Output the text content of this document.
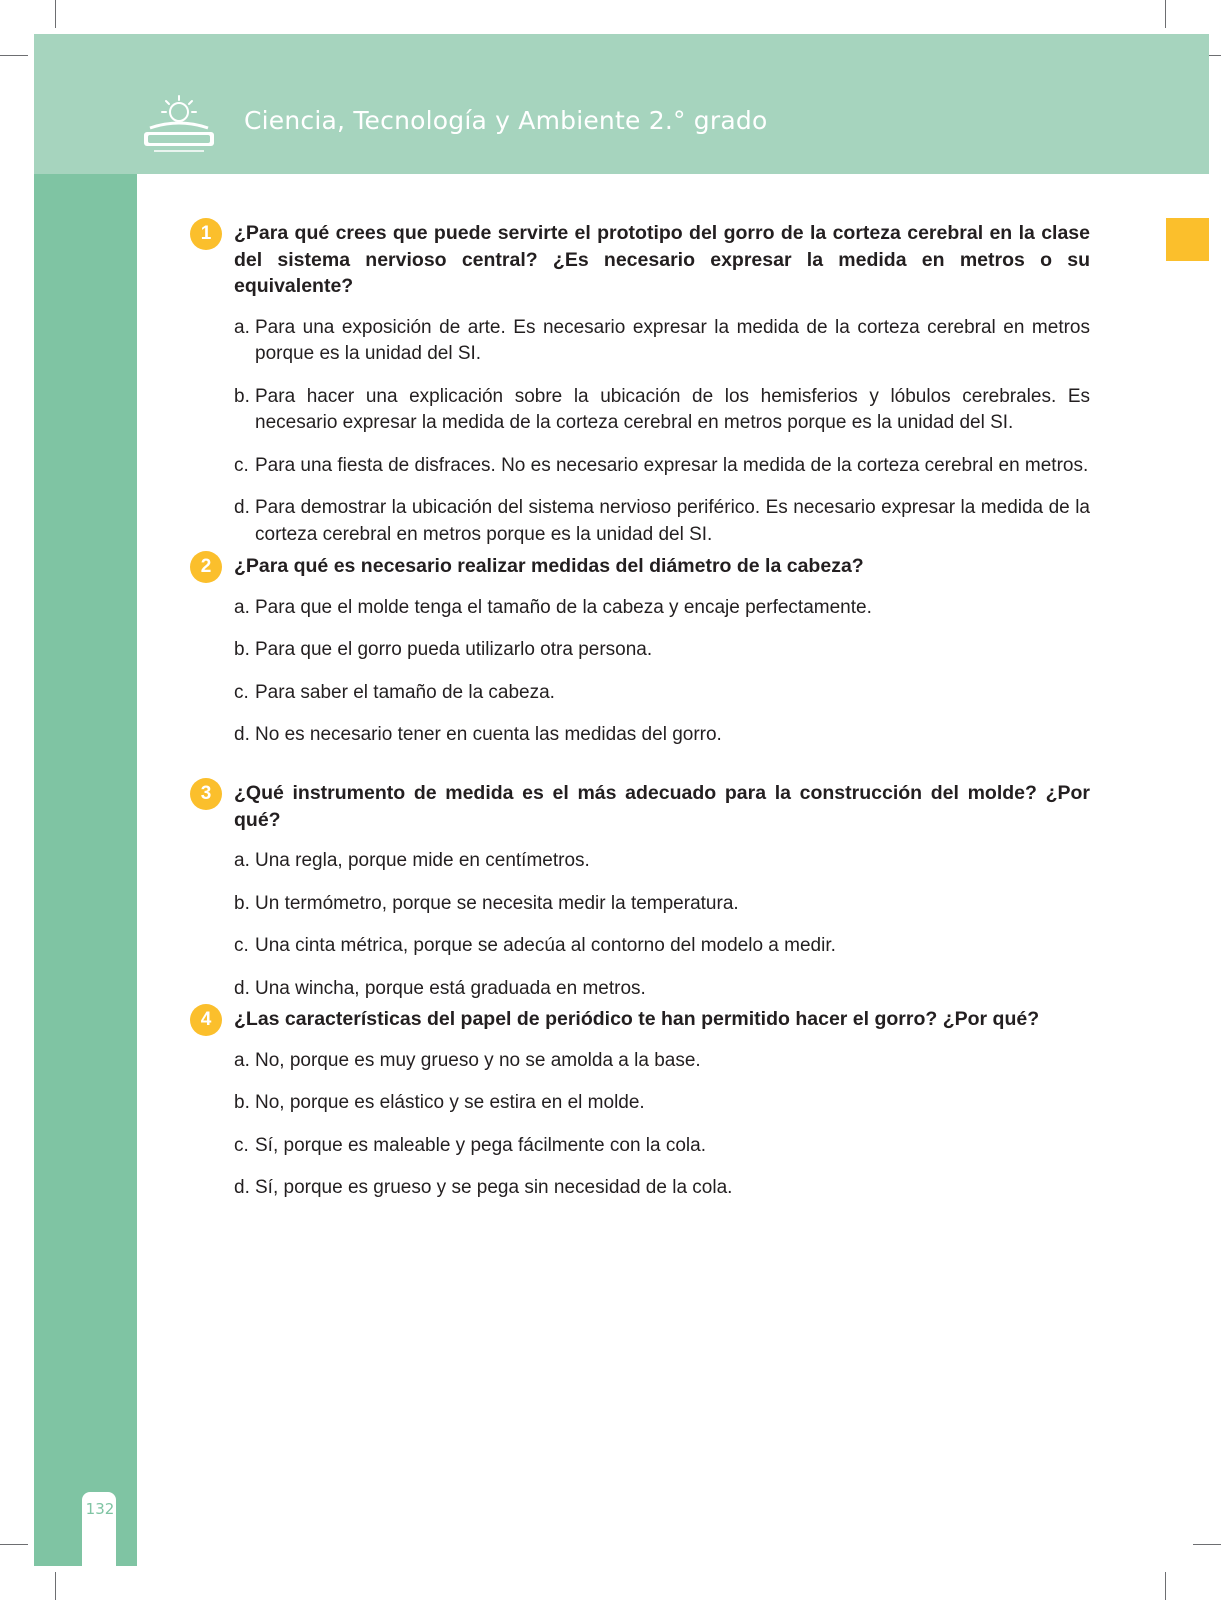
Ciencia, Tecnología y Ambiente 2.° grado
132
1	¿Para qué crees que puede servirte el prototipo del gorro de la corteza cerebral en la clase del sistema nervioso central? ¿Es necesario expresar la medida en metros o su equivalente?
a. Para una exposición de arte. Es necesario expresar la medida de la corteza cerebral en metros porque es la unidad del SI.
b. Para hacer una explicación sobre la ubicación de los hemisferios y lóbulos cerebrales. Es necesario expresar la medida de la corteza cerebral en metros porque es la unidad del SI.
c. Para una fiesta de disfraces. No es necesario expresar la medida de la corteza cerebral en metros.
d. Para demostrar la ubicación del sistema nervioso periférico. Es necesario expresar la medida de la corteza cerebral en metros porque es la unidad del SI.
2	¿Para qué es necesario realizar medidas del diámetro de la cabeza?
a. Para que el molde tenga el tamaño de la cabeza y encaje perfectamente.
b. Para que el gorro pueda utilizarlo otra persona.
c. Para saber el tamaño de la cabeza.
d. No es necesario tener en cuenta las medidas del gorro.
3	¿Qué instrumento de medida es el más adecuado para la construcción del molde? ¿Por qué?
a. Una regla, porque mide en centímetros.
b. Un termómetro, porque se necesita medir la temperatura.
c. Una cinta métrica, porque se adecúa al contorno del modelo a medir.
d. Una wincha, porque está graduada en metros.
4	¿Las características del papel de periódico te han permitido hacer el gorro? ¿Por qué?
a. No, porque es muy grueso y no se amolda a la base.
b. No, porque es elástico y se estira en el molde.
c. Sí, porque es maleable y pega fácilmente con la cola.
d. Sí, porque es grueso y se pega sin necesidad de la cola.
